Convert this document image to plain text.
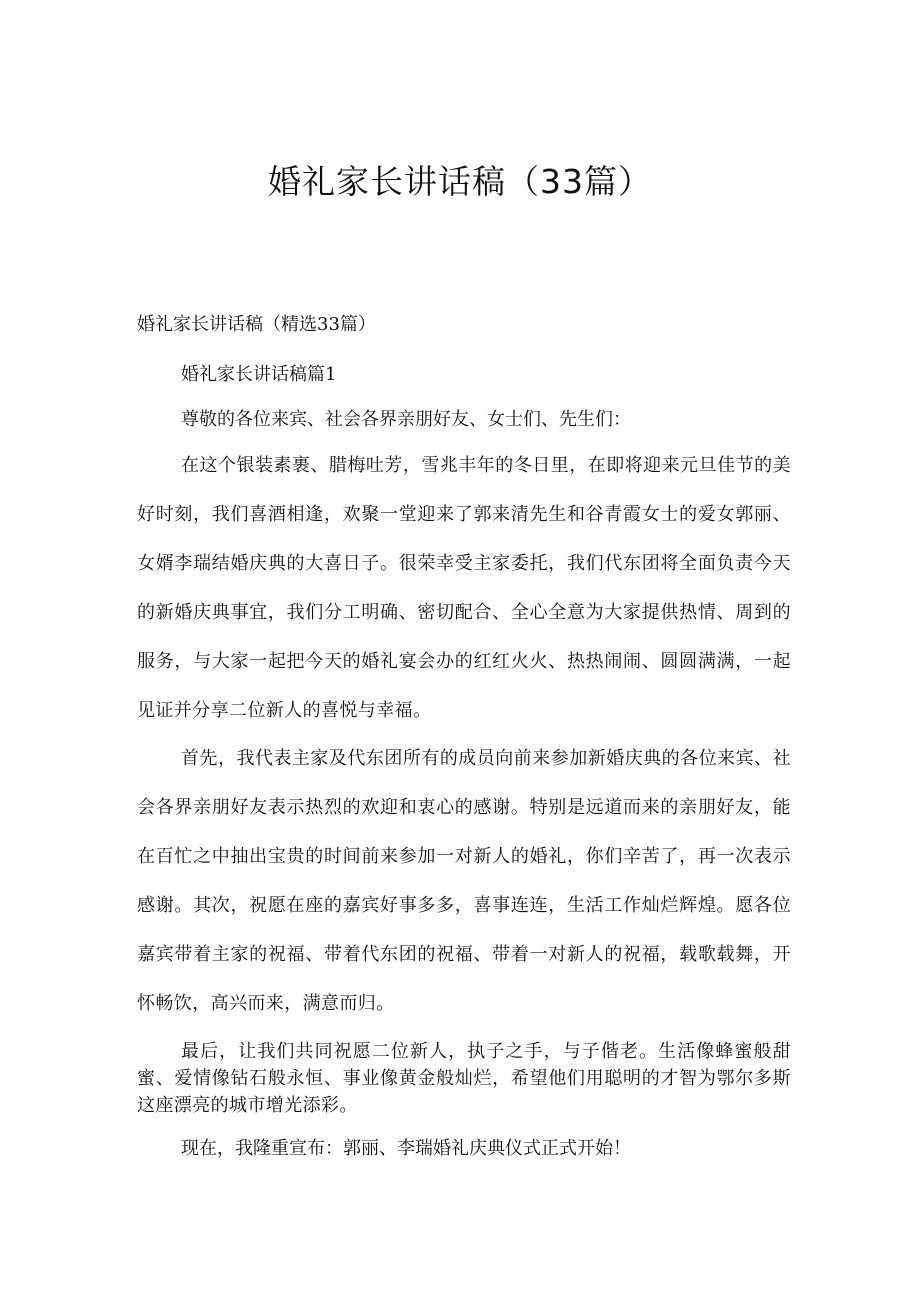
婚礼家长讲话稿（33篇）

婚礼家长讲话稿（精选33篇）

婚礼家长讲话稿篇1

尊敬的各位来宾、社会各界亲朋好友、女士们、先生们：

在这个银装素裹、腊梅吐芳，雪兆丰年的冬日里，在即将迎来元旦佳节的美好时刻，我们喜酒相逢，欢聚一堂迎来了郭来清先生和谷青霞女士的爱女郭丽、女婿李瑞结婚庆典的大喜日子。很荣幸受主家委托，我们代东团将全面负责今天的新婚庆典事宜，我们分工明确、密切配合、全心全意为大家提供热情、周到的服务，与大家一起把今天的婚礼宴会办的红红火火、热热闹闹、圆圆满满，一起见证并分享二位新人的喜悦与幸福。

首先，我代表主家及代东团所有的成员向前来参加新婚庆典的各位来宾、社会各界亲朋好友表示热烈的欢迎和衷心的感谢。特别是远道而来的亲朋好友，能在百忙之中抽出宝贵的时间前来参加一对新人的婚礼，你们辛苦了，再一次表示感谢。其次，祝愿在座的嘉宾好事多多，喜事连连，生活工作灿烂辉煌。愿各位嘉宾带着主家的祝福、带着代东团的祝福、带着一对新人的祝福，载歌载舞，开怀畅饮，高兴而来，满意而归。

最后，让我们共同祝愿二位新人，执子之手，与子偕老。生活像蜂蜜般甜蜜、爱情像钻石般永恒、事业像黄金般灿烂，希望他们用聪明的才智为鄂尔多斯这座漂亮的城市增光添彩。

现在，我隆重宣布：郭丽、李瑞婚礼庆典仪式正式开始！
